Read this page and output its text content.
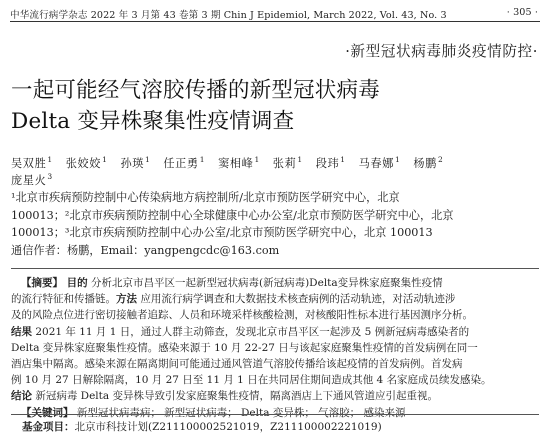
中华流行病学杂志 2022 年 3 月第 43 卷第 3 期 Chin J Epidemiol, March 2022, Vol. 43, No. 3	· 305 ·
·新型冠状病毒肺炎疫情防控·
一起可能经气溶胶传播的新型冠状病毒
Delta 变异株聚集性疫情调查
吴双胜$^1$ 张姣姣$^1$ 孙瑛$^1$ 任正勇$^1$ 窦相峰$^1$ 张莉$^1$ 段玮$^1$ 马春娜$^1$ 杨鹏$^2$
庞星火$^3$
¹北京市疾病预防控制中心传染病地方病控制所/北京市预防医学研究中心，北京
100013；²北京市疾病预防控制中心全球健康中心办公室/北京市预防医学研究中心，北京
100013；³北京市疾病预防控制中心办公室/北京市预防医学研究中心，北京 100013
通信作者：杨鹏，Email：yangpengcdc@163.com
【摘要】 目的 分析北京市昌平区一起新型冠状病毒(新冠病毒)Delta变异株家庭聚集性疫情
的流行特征和传播链。方法 应用流行病学调查和大数据技术核查病例的活动轨迹，对活动轨迹涉
及的风险点位进行密切接触者追踪、人员和环境采样核酸检测，对核酸阳性标本进行基因测序分析。
结果 2021 年 11 月 1 日，通过人群主动筛查，发现北京市昌平区一起涉及 5 例新冠病毒感染者的
Delta 变异株家庭聚集性疫情。感染来源于 10 月 22-27 日与该起家庭聚集性疫情的首发病例在同一
酒店集中隔离。感染来源在隔离期间可能通过通风管道气溶胶传播给该起疫情的首发病例。首发病
例 10 月 27 日解除隔离，10 月 27 日至 11 月 1 日在共同居住期间造成其他 4 名家庭成员续发感染。
结论 新冠病毒 Delta 变异株导致引发家庭聚集性疫情，隔离酒店上下通风管道应引起重视。
【关键词】 新型冠状病毒病； 新型冠状病毒； Delta 变异株； 气溶胶； 感染来源
基金项目：北京市科技计划(Z211100002521019，Z211100002221019)
